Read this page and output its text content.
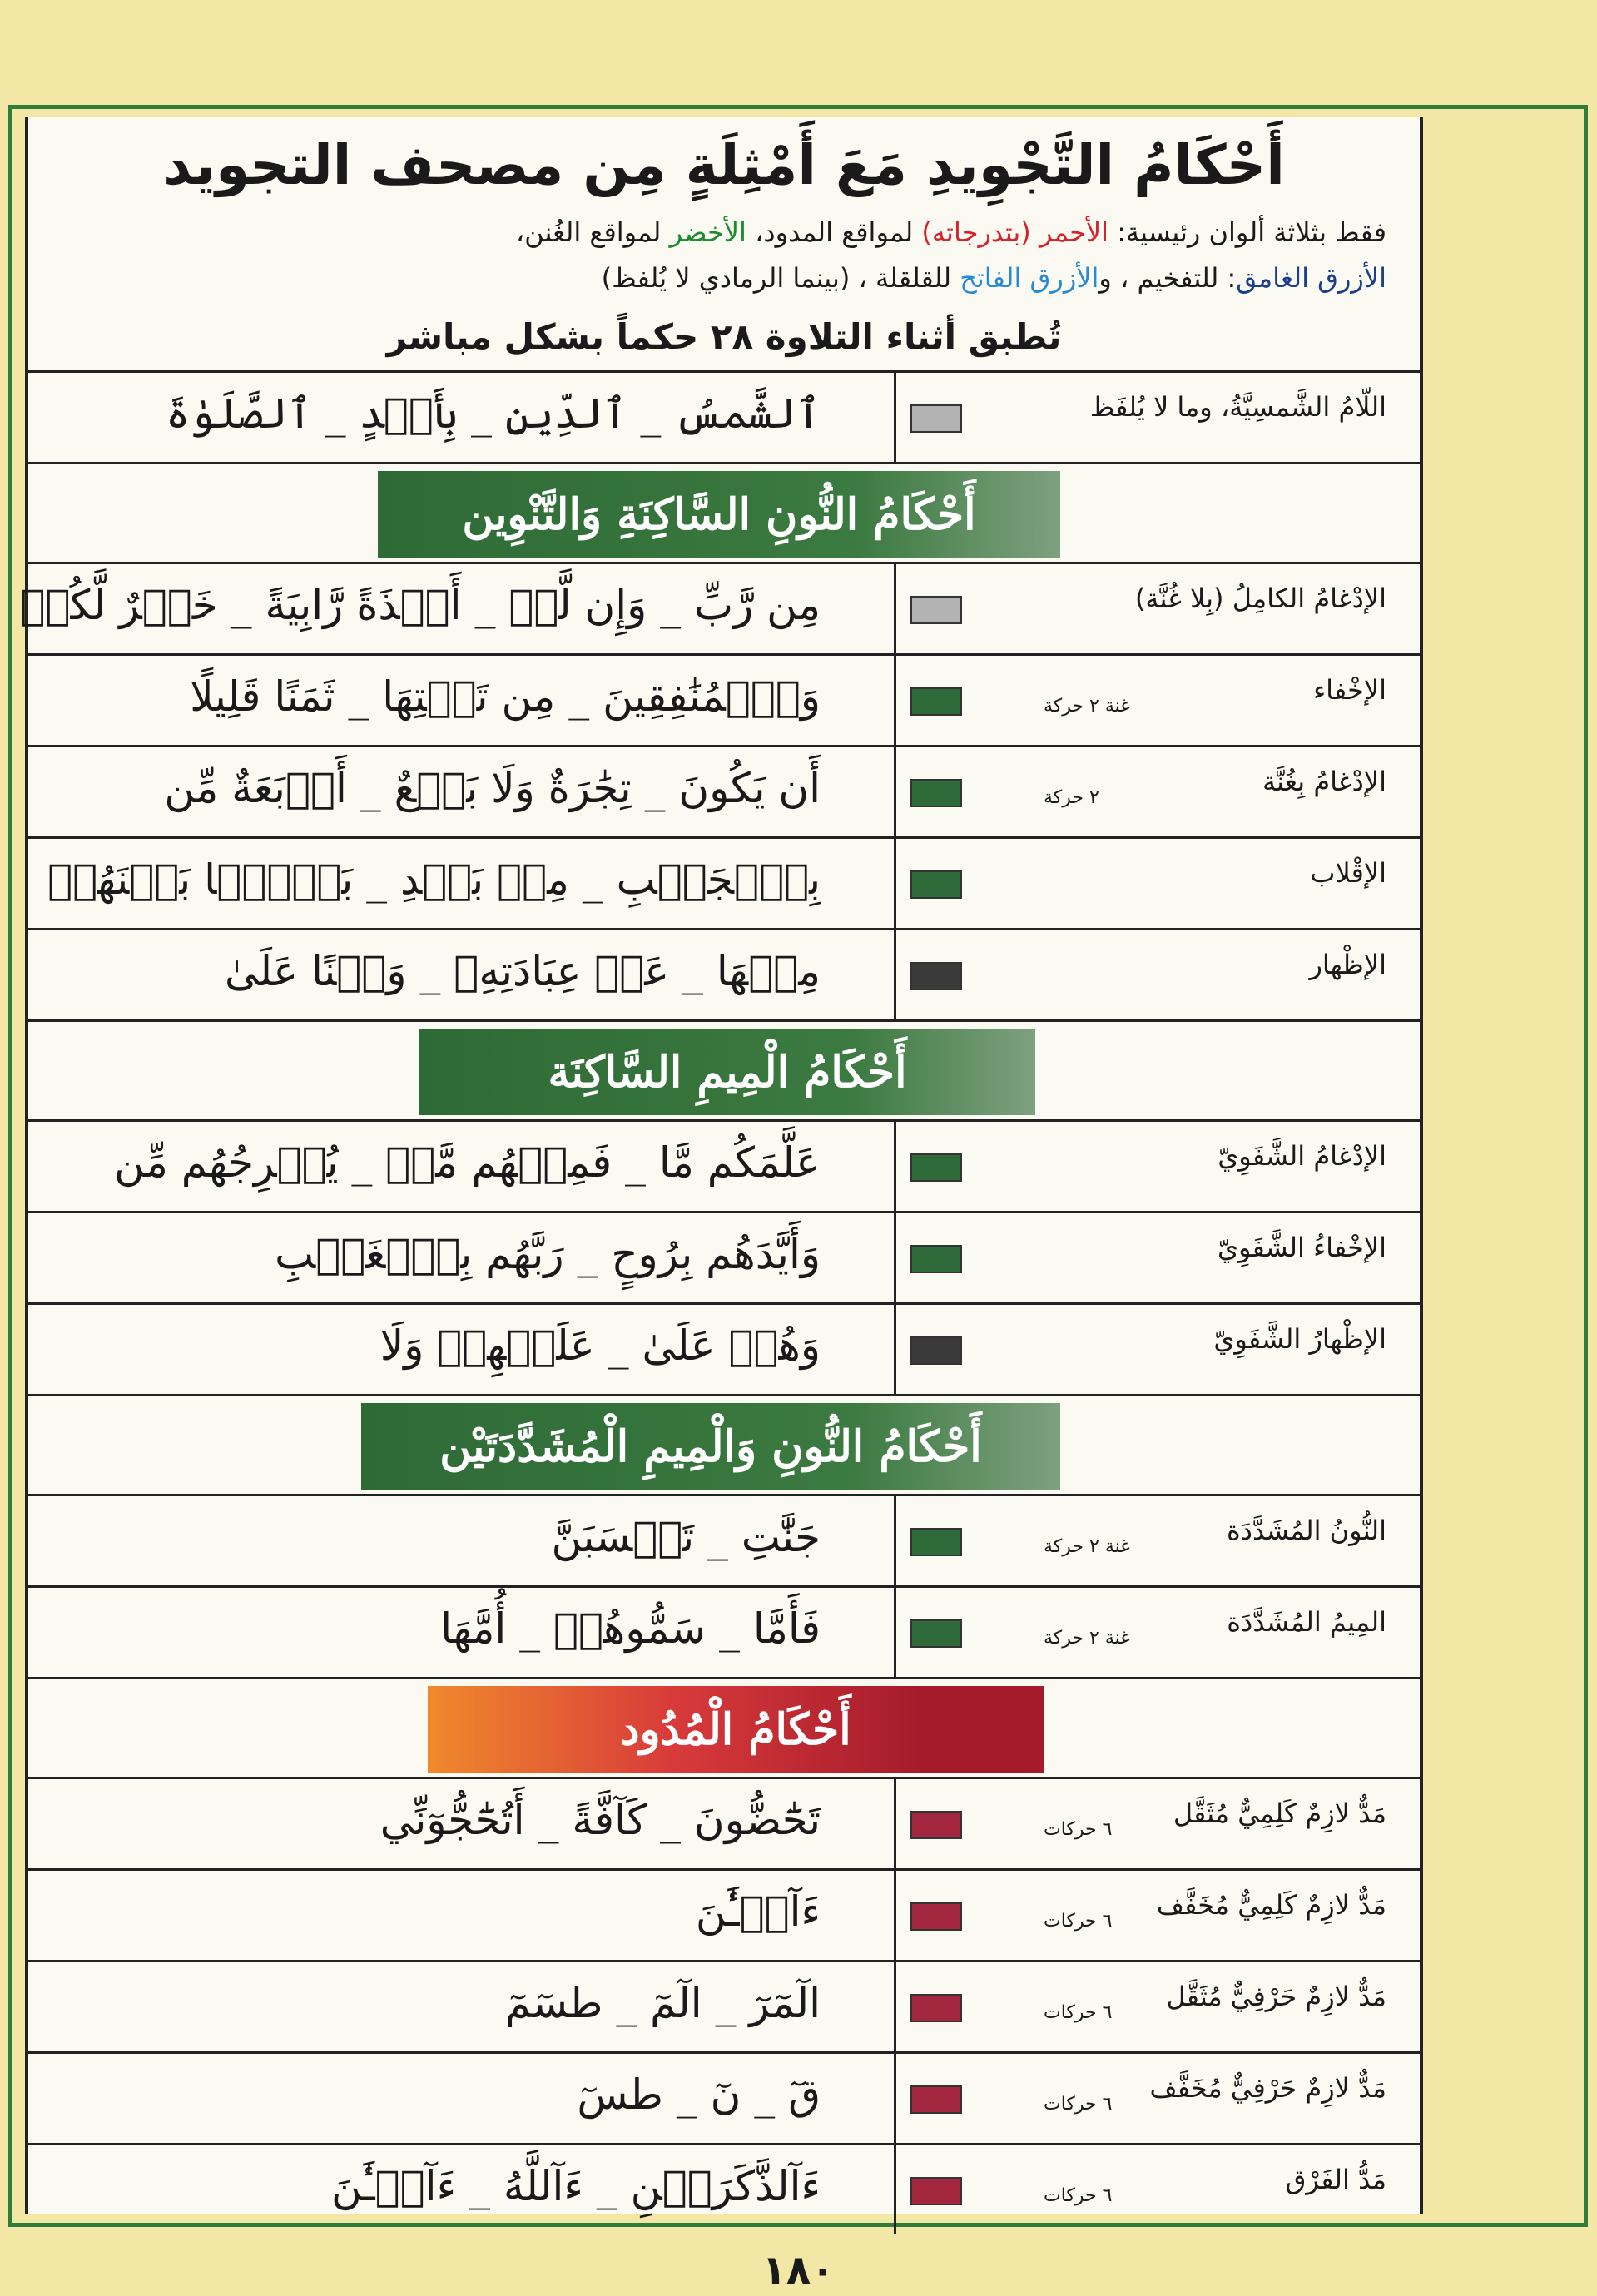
أَحْكَامُ التَّجْوِيدِ مَعَ أَمْثِلَةٍ مِن مصحف التجويد
فقط بثلاثة ألوان رئيسية: الأحمر (بتدرجاته) لمواقع المدود، الأخضر لمواقع الغُنن،
الأزرق الغامق: للتفخيم ، والأزرق الفاتح للقلقلة ، (بينما الرمادي لا يُلفظ)
تُطبق أثناء التلاوة ٢٨ حكماً بشكل مباشر
اللّامُ الشَّمسِيَّةُ، وما لا يُلفَظ
ٱلشَّمسُ _ ٱلدِّينِ _ بِأَيۡدٍ _ ٱلصَّلَوٰةَ
أَحْكَامُ النُّونِ السَّاكِنَةِ وَالتَّنْوِين
الإدْغامُ الكامِلُ (بِلا غُنَّة)
مِن رَّبِّ _ وَإِن لَّمۡ _ أَخۡذَةً رَّابِيَةً _ خَيۡرٌ لَّكُمۡ
الإخْفاء
غنة ٢ حركة
وَٱلۡمُنَٰفِقِينَ _ مِن تَحۡتِهَا _ ثَمَنًا قَلِيلًا
الإدْغامُ بِغُنَّة
٢ حركة
أَن يَكُونَ _ تِجَٰرَةٌ وَلَا بَيۡعٌ _ أَرۡبَعَةٌ مِّن
الإقْلاب
بِٱلۡجَنۢبِ _ مِنۢ بَعۡدِ _ بَغۡيًۢا بَيۡنَهُمۡ
الإظْهار
مِنۡهَا _ عَنۡ عِبَادَتِهِۦ _ وَهۡنًا عَلَىٰ
أَحْكَامُ الْمِيمِ السَّاكِنَة
الإدْغامُ الشَّفَوِيّ
عَلَّمَكُم مَّا _ فَمِنۡهُم مَّنۡ _ يُخۡرِجُهُم مِّن
الإخْفاءُ الشَّفَوِيّ
وَأَيَّدَهُم بِرُوحٍ _ رَبَّهُم بِٱلۡغَيۡبِ
الإظْهارُ الشَّفَوِيّ
وَهُمۡ عَلَىٰ _ عَلَيۡهِمۡ وَلَا
أَحْكَامُ النُّونِ وَالْمِيمِ الْمُشَدَّدَتَيْن
النُّونُ المُشَدَّدَة
غنة ٢ حركة
جَنَّٰتِ _ تَحۡسَبَنَّ
المِيمُ المُشَدَّدَة
غنة ٢ حركة
فَأَمَّا _ سَمُّوهُمۡ _ أُمَّهَا
أَحْكَامُ الْمُدُود
مَدٌّ لازِمٌ كَلِمِيٌّ مُثَقَّل
٦ حركات
تَحَٰٓضُّونَ _ كَآفَّةً _ أَتُحَٰٓجُّوٓنِّي
مَدٌّ لازِمٌ كَلِمِيٌّ مُخَفَّف
٦ حركات
ءَآلۡـَٰٔنَ
مَدٌّ لازِمٌ حَرْفِيٌّ مُثَقَّل
٦ حركات
الٓمٓرٓ _ الٓمٓ _ طسٓمٓ
مَدٌّ لازِمٌ حَرْفِيٌّ مُخَفَّف
٦ حركات
قٓ _ نٓ _ طسٓ
مَدُّ الفَرْق
٦ حركات
ءَآلذَّكَرَيۡنِ _ ءَآللَّهُ _ ءَآلۡـَٰٔنَ
١٨٠
